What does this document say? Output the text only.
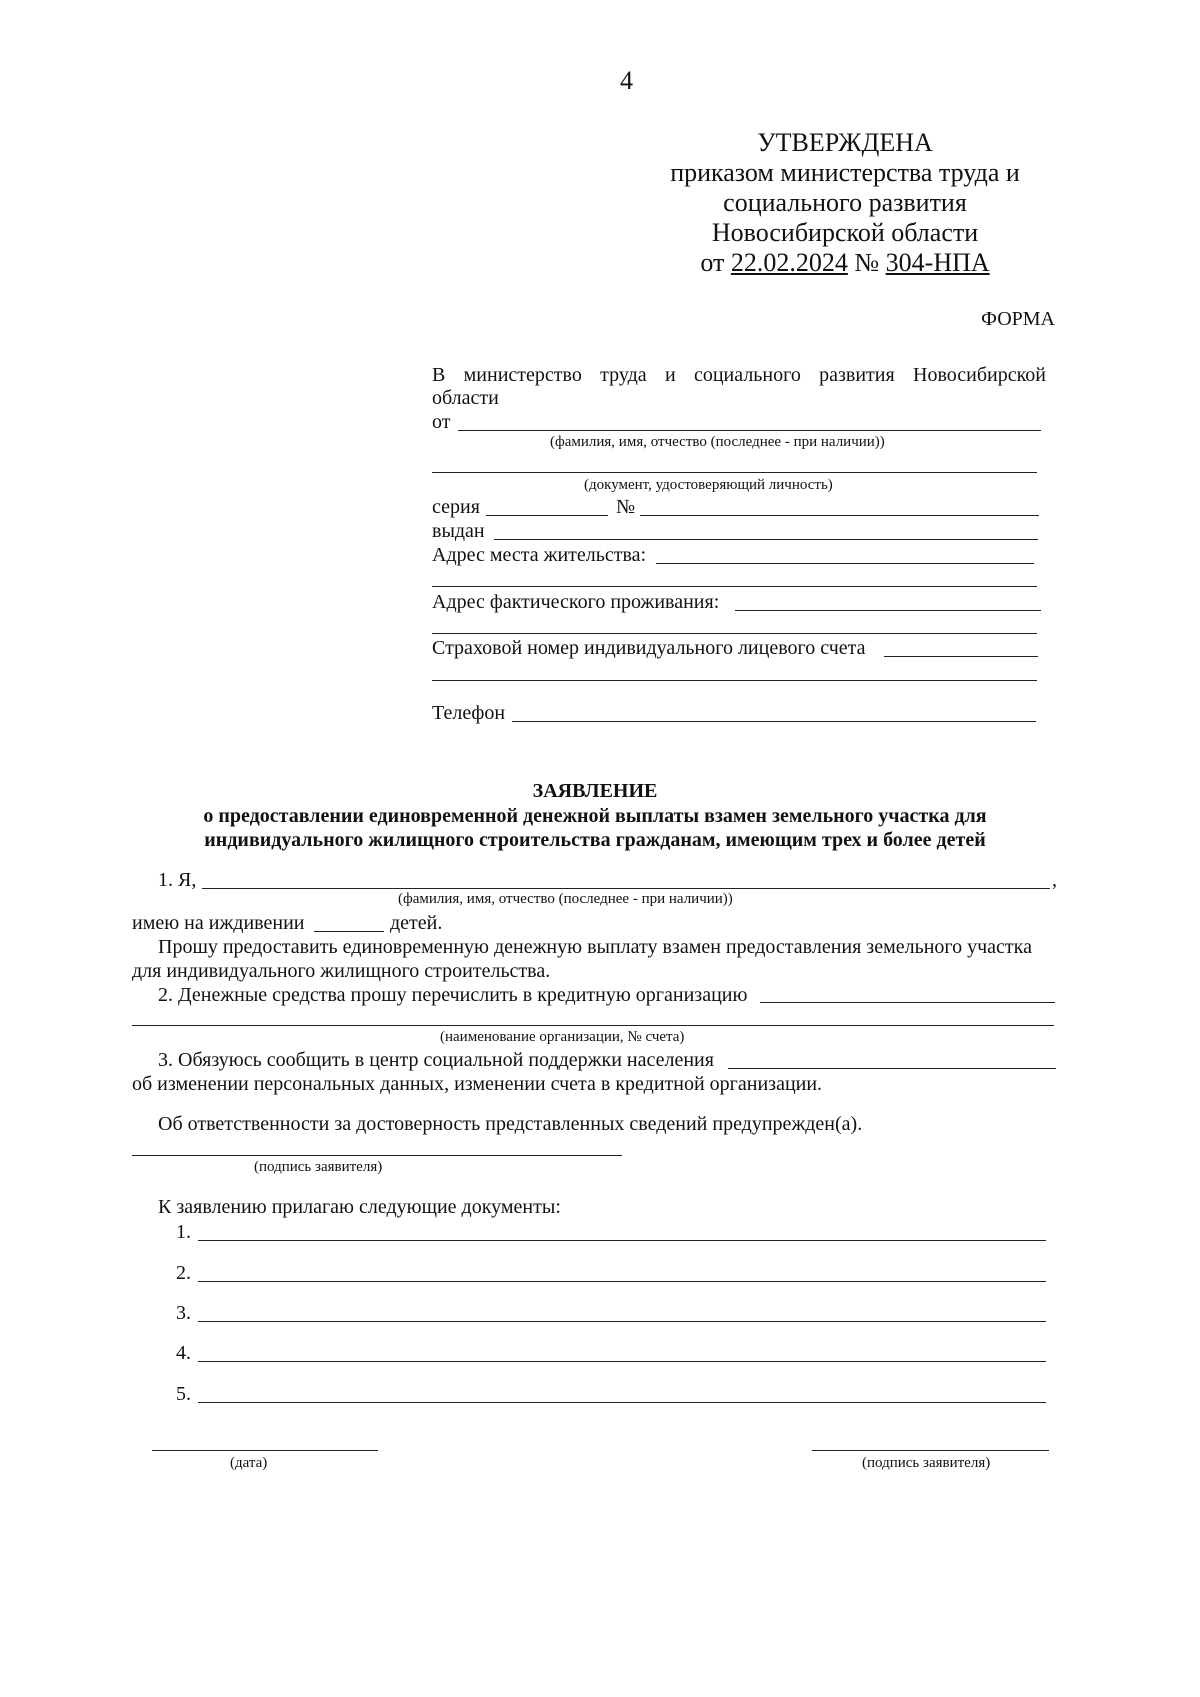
4
УТВЕРЖДЕНА
приказом министерства труда и
социального развития
Новосибирской области
от 22.02.2024 № 304-НПА
ФОРМА
В министерство труда и социального развития Новосибирской
области
от
(фамилия, имя, отчество (последнее - при наличии))
(документ, удостоверяющий личность)
серия	№
выдан
Адрес места жительства:
Адрес фактического проживания:
Страховой номер индивидуального лицевого счета
Телефон
ЗАЯВЛЕНИЕ
о предоставлении единовременной денежной выплаты взамен земельного участка для
индивидуального жилищного строительства гражданам, имеющим трех и более детей
1. Я,	,
(фамилия, имя, отчество (последнее - при наличии))
имею на иждивении	детей.
Прошу предоставить единовременную денежную выплату взамен предоставления земельного участка
для индивидуального жилищного строительства.
2. Денежные средства прошу перечислить в кредитную организацию
(наименование организации, № счета)
3. Обязуюсь сообщить в центр социальной поддержки населения
об изменении персональных данных, изменении счета в кредитной организации.
Об ответственности за достоверность представленных сведений предупрежден(а).
(подпись заявителя)
К заявлению прилагаю следующие документы:
1.
2.
3.
4.
5.
(дата)	(подпись заявителя)
